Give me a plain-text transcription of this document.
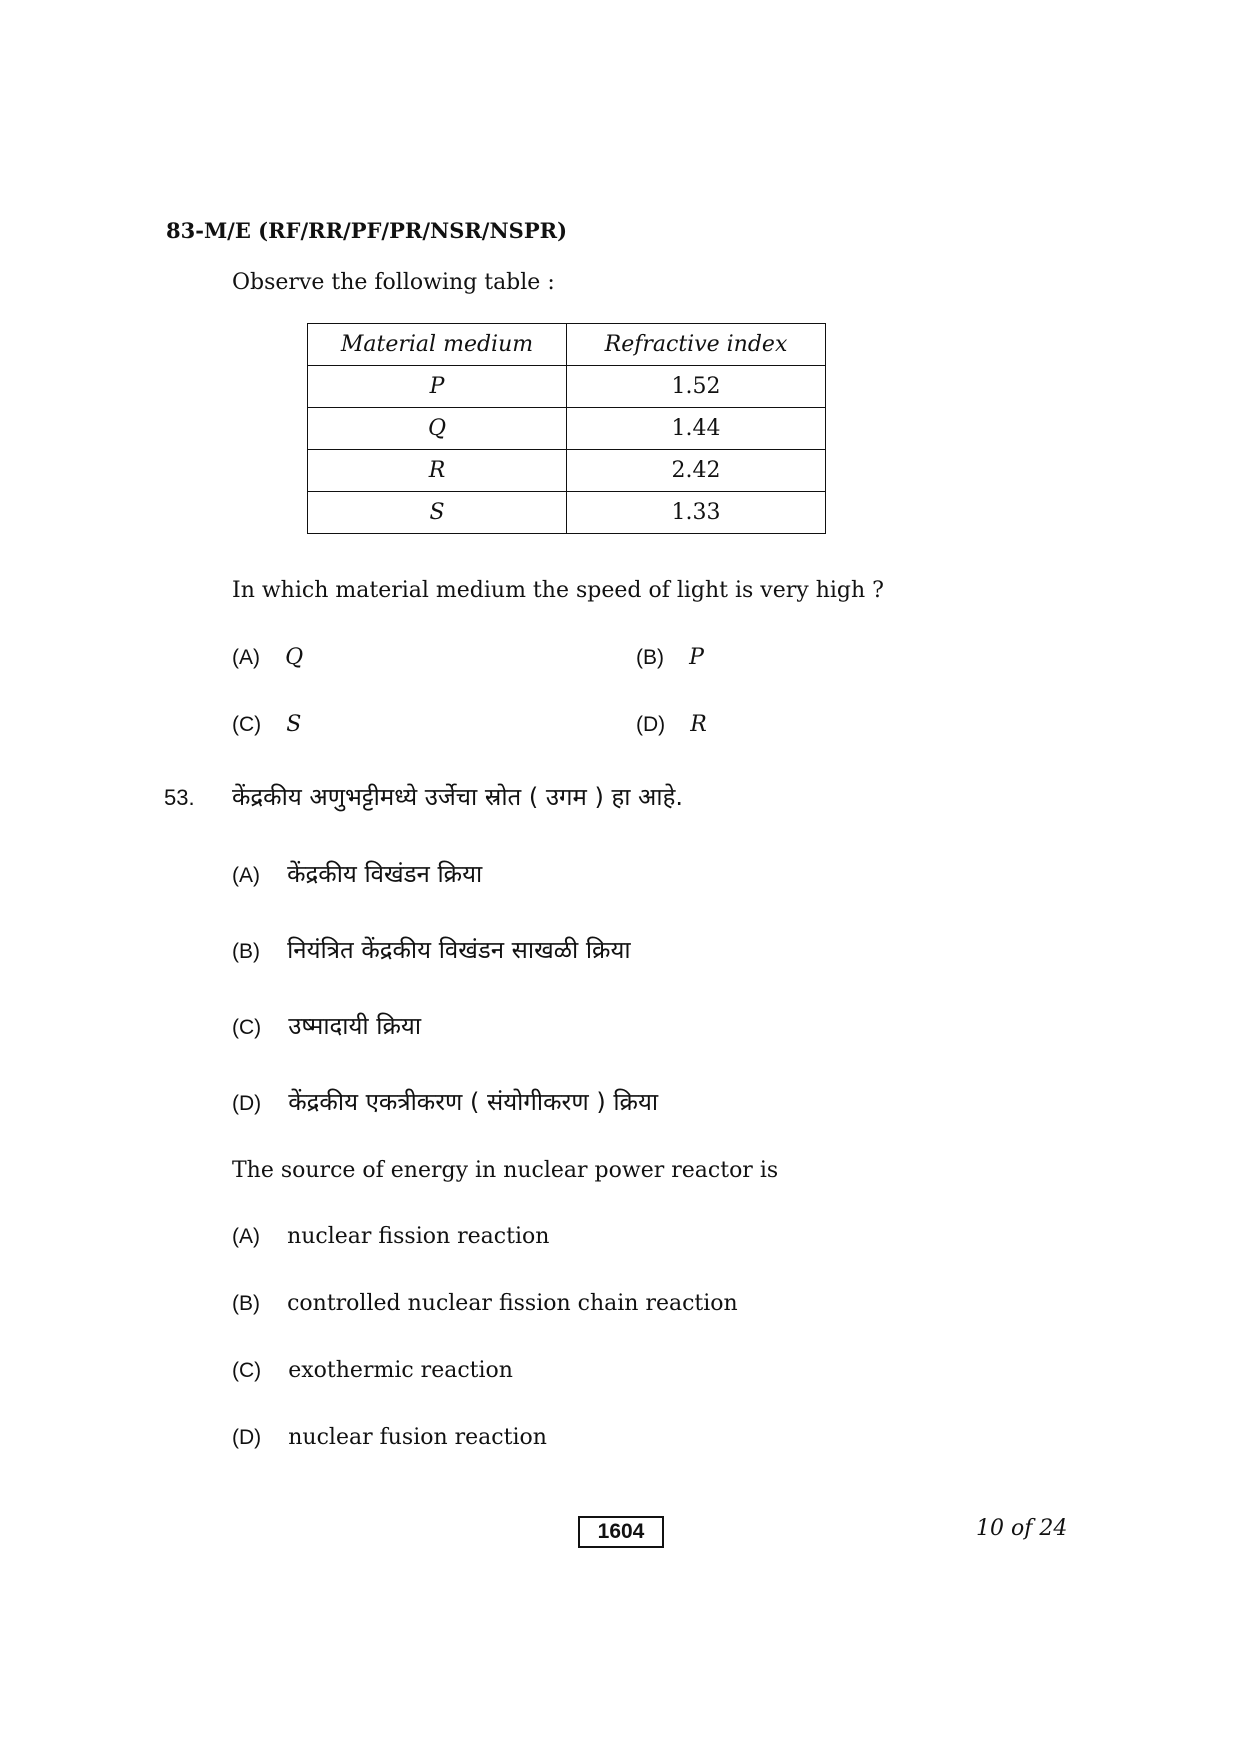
83-M/E (RF/RR/PF/PR/NSR/NSPR)
Observe the following table :
Material medium	Refractive index
P	1.52
Q	1.44
R	2.42
S	1.33
In which material medium the speed of light is very high ?
(A) Q	(B) P
(C) S	(D) R
53. केंद्रकीय अणुभट्टीमध्ये उर्जेचा स्रोत ( उगम ) हा आहे.
(A) केंद्रकीय विखंडन क्रिया
(B) नियंत्रित केंद्रकीय विखंडन साखळी क्रिया
(C) उष्मादायी क्रिया
(D) केंद्रकीय एकत्रीकरण ( संयोगीकरण ) क्रिया
The source of energy in nuclear power reactor is
(A) nuclear fission reaction
(B) controlled nuclear fission chain reaction
(C) exothermic reaction
(D) nuclear fusion reaction
1604	10 of 24
